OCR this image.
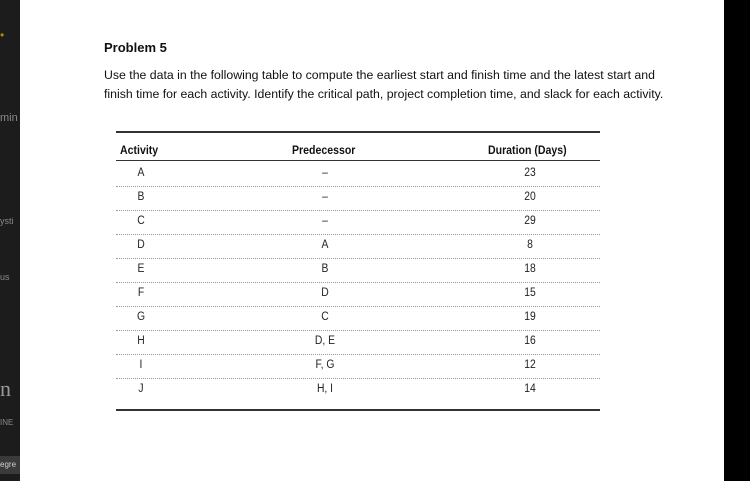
•
min
ysti
us
n
INE
egre
Problem 5
Use the data in the following table to compute the earliest start and finish time and the latest start and finish time for each activity. Identify the critical path, project completion time, and slack for each activity.
Activity	Predecessor	Duration (Days)
A	–	23
B	–	20
C	–	29
D	A	8
E	B	18
F	D	15
G	C	19
H	D, E	16
I	F, G	12
J	H, I	14
